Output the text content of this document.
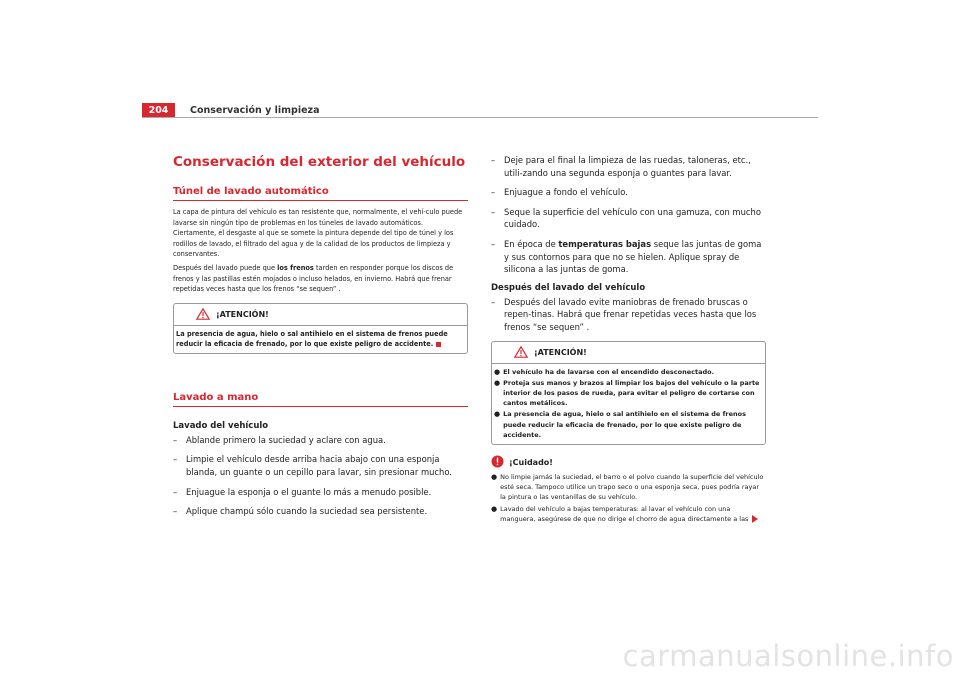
204	Conservación y limpieza
Conservación del exterior del vehículo
Túnel de lavado automático

La capa de pintura del vehículo es tan resistente que, normalmente, el vehí-culo puede lavarse sin ningún tipo de problemas en los túneles de lavado automáticos. Ciertamente, el desgaste al que se somete la pintura depende del tipo de túnel y los rodillos de lavado, el filtrado del agua y de la calidad de los productos de limpieza y conservantes.

Después del lavado puede que los frenos tarden en responder porque los discos de frenos y las pastillas estén mojados o incluso helados, en invierno. Habrá que frenar repetidas veces hasta que los frenos “se sequen” .

¡ATENCIÓN!

La presencia de agua, hielo o sal antihielo en el sistema de frenos puede reducir la eficacia de frenado, por lo que existe peligro de accidente.

Lavado a mano
Lavado del vehículo
– Ablande primero la suciedad y aclare con agua.
– Limpie el vehículo desde arriba hacia abajo con una esponja blanda, un guante o un cepillo para lavar, sin presionar mucho.
– Enjuague la esponja o el guante lo más a menudo posible.
– Aplique champú sólo cuando la suciedad sea persistente.
– Deje para el final la limpieza de las ruedas, taloneras, etc., utili-zando una segunda esponja o guantes para lavar.
– Enjuague a fondo el vehículo.
– Seque la superficie del vehículo con una gamuza, con mucho cuidado.
– En época de temperaturas bajas seque las juntas de goma y sus contornos para que no se hielen. Aplique spray de silicona a las juntas de goma.
Después del lavado del vehículo
– Después del lavado evite maniobras de frenado bruscas o repen-tinas. Habrá que frenar repetidas veces hasta que los frenos “se sequen” .
¡ATENCIÓN!
● El vehículo ha de lavarse con el encendido desconectado.
● Proteja sus manos y brazos al limpiar los bajos del vehículo o la parte interior de los pasos de rueda, para evitar el peligro de cortarse con cantos metálicos.
● La presencia de agua, hielo o sal antihielo en el sistema de frenos puede reducir la eficacia de frenado, por lo que existe peligro de accidente.
¡Cuidado!
● No limpie jamás la suciedad, el barro o el polvo cuando la superficie del vehículo esté seca. Tampoco utilice un trapo seco o una esponja seca, pues podría rayar la pintura o las ventanillas de su vehículo.
● Lavado del vehículo a bajas temperaturas: al lavar el vehículo con una manguera, asegúrese de que no dirige el chorro de agua directamente a las
carmanualsonline.info
